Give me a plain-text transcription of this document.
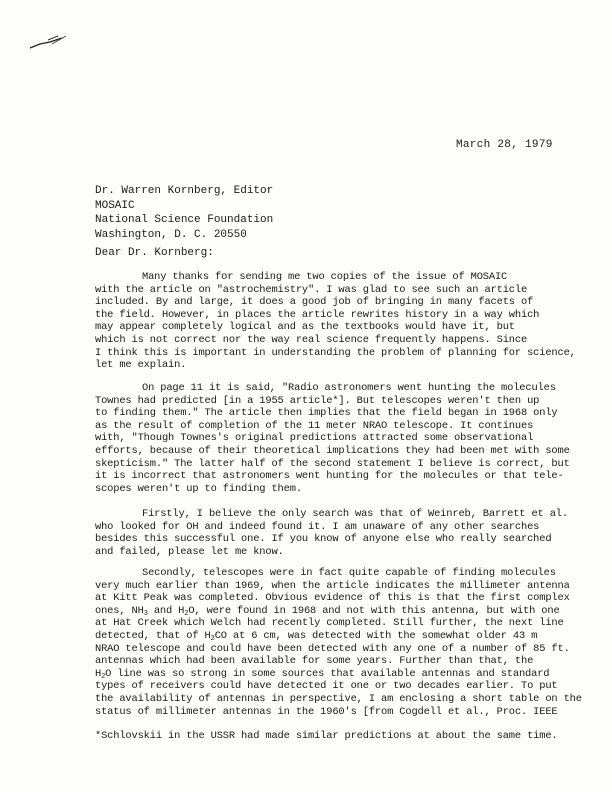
March 28, 1979
Dr. Warren Kornberg, Editor
MOSAIC
National Science Foundation
Washington, D. C. 20550
Dear Dr. Kornberg:
Many thanks for sending me two copies of the issue of MOSAIC
with the article on "astrochemistry". I was glad to see such an article
included. By and large, it does a good job of bringing in many facets of
the field. However, in places the article rewrites history in a way which
may appear completely logical and as the textbooks would have it, but
which is not correct nor the way real science frequently happens. Since
I think this is important in understanding the problem of planning for science,
let me explain.
On page 11 it is said, "Radio astronomers went hunting the molecules
Townes had predicted [in a 1955 article*]. But telescopes weren't then up
to finding them." The article then implies that the field began in 1968 only
as the result of completion of the 11 meter NRAO telescope. It continues
with, "Though Townes's original predictions attracted some observational
efforts, because of their theoretical implications they had been met with some
skepticism." The latter half of the second statement I believe is correct, but
it is incorrect that astronomers went hunting for the molecules or that tele-
scopes weren't up to finding them.
Firstly, I believe the only search was that of Weinreb, Barrett et al.
who looked for OH and indeed found it. I am unaware of any other searches
besides this successful one. If you know of anyone else who really searched
and failed, please let me know.
Secondly, telescopes were in fact quite capable of finding molecules
very much earlier than 1969, when the article indicates the millimeter antenna
at Kitt Peak was completed. Obvious evidence of this is that the first complex
ones, $NH_3$ and $H_2O$, were found in 1968 and not with this antenna, but with one
at Hat Creek which Welch had recently completed. Still further, the next line
detected, that of $H_2CO$ at 6 cm, was detected with the somewhat older 43 m
NRAO telescope and could have been detected with any one of a number of 85 ft.
antennas which had been available for some years. Further than that, the
$H_2O$ line was so strong in some sources that available antennas and standard
types of receivers could have detected it one or two decades earlier. To put
the availability of antennas in perspective, I am enclosing a short table on the
status of millimeter antennas in the 1960's [from Cogdell et al., Proc. IEEE
*Schlovskii in the USSR had made similar predictions at about the same time.
